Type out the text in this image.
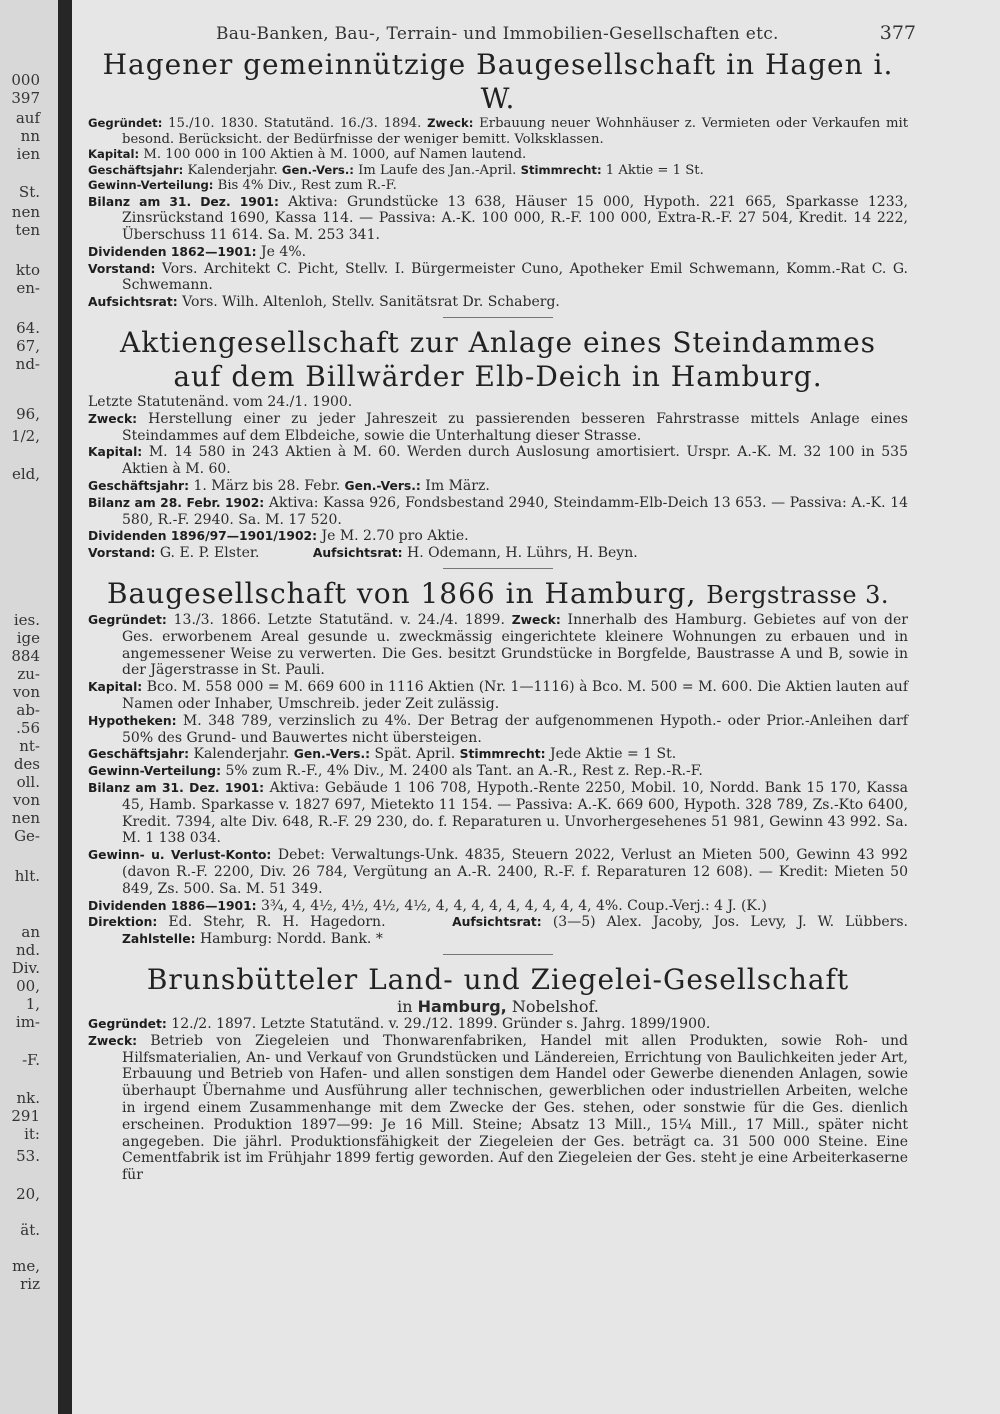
000
397
auf
nn
ien
St.
nen
ten
kto
en-
64.
67,
nd-
96,
1/2,
eld,
ies.
ige
884
zu-
von
ab-
.56
nt-
des
oll.
von
nen
Ge-
hlt.
an
nd.
Div.
00,
1,
im-
-F.
nk.
291
it:
53.
20,
ät.
me,
riz
Bau-Banken, Bau-, Terrain- und Immobilien-Gesellschaften etc.	377
Hagener gemeinnützige Baugesellschaft in Hagen i. W.

Gegründet: 15./10. 1830. Statutänd. 16./3. 1894. Zweck: Erbauung neuer Wohnhäuser z. Vermieten oder Verkaufen mit besond. Berücksicht. der Bedürfnisse der weniger bemitt. Volksklassen.

Kapital: M. 100 000 in 100 Aktien à M. 1000, auf Namen lautend.

Geschäftsjahr: Kalenderjahr. Gen.-Vers.: Im Laufe des Jan.-April. Stimmrecht: 1 Aktie = 1 St.

Gewinn-Verteilung: Bis 4% Div., Rest zum R.-F.

Bilanz am 31. Dez. 1901: Aktiva: Grundstücke 13 638, Häuser 15 000, Hypoth. 221 665, Sparkasse 1233, Zinsrückstand 1690, Kassa 114. — Passiva: A.-K. 100 000, R.-F. 100 000, Extra-R.-F. 27 504, Kredit. 14 222, Überschuss 11 614. Sa. M. 253 341.

Dividenden 1862—1901: Je 4%.

Vorstand: Vors. Architekt C. Picht, Stellv. I. Bürgermeister Cuno, Apotheker Emil Schwemann, Komm.-Rat C. G. Schwemann.

Aufsichtsrat: Vors. Wilh. Altenloh, Stellv. Sanitätsrat Dr. Schaberg.

Aktiengesellschaft zur Anlage eines Steindammes auf dem Billwärder Elb-Deich in Hamburg.

Letzte Statutenänd. vom 24./1. 1900.

Zweck: Herstellung einer zu jeder Jahreszeit zu passierenden besseren Fahrstrasse mittels Anlage eines Steindammes auf dem Elbdeiche, sowie die Unterhaltung dieser Strasse.

Kapital: M. 14 580 in 243 Aktien à M. 60. Werden durch Auslosung amortisiert. Urspr. A.-K. M. 32 100 in 535 Aktien à M. 60.

Geschäftsjahr: 1. März bis 28. Febr. Gen.-Vers.: Im März.

Bilanz am 28. Febr. 1902: Aktiva: Kassa 926, Fondsbestand 2940, Steindamm-Elb-Deich 13 653. — Passiva: A.-K. 14 580, R.-F. 2940. Sa. M. 17 520.

Dividenden 1896/97—1901/1902: Je M. 2.70 pro Aktie.

Vorstand: G. E. P. Elster.            Aufsichtsrat: H. Odemann, H. Lührs, H. Beyn.

Baugesellschaft von 1866 in Hamburg, Bergstrasse 3.

Gegründet: 13./3. 1866. Letzte Statutänd. v. 24./4. 1899. Zweck: Innerhalb des Hamburg. Gebietes auf von der Ges. erworbenem Areal gesunde u. zweckmässig eingerichtete kleinere Wohnungen zu erbauen und in angemessener Weise zu verwerten. Die Ges. besitzt Grundstücke in Borgfelde, Baustrasse A und B, sowie in der Jägerstrasse in St. Pauli.

Kapital: Bco. M. 558 000 = M. 669 600 in 1116 Aktien (Nr. 1—1116) à Bco. M. 500 = M. 600. Die Aktien lauten auf Namen oder Inhaber, Umschreib. jeder Zeit zulässig.

Hypotheken: M. 348 789, verzinslich zu 4%. Der Betrag der aufgenommenen Hypoth.- oder Prior.-Anleihen darf 50% des Grund- und Bauwertes nicht übersteigen.

Geschäftsjahr: Kalenderjahr. Gen.-Vers.: Spät. April. Stimmrecht: Jede Aktie = 1 St.

Gewinn-Verteilung: 5% zum R.-F., 4% Div., M. 2400 als Tant. an A.-R., Rest z. Rep.-R.-F.

Bilanz am 31. Dez. 1901: Aktiva: Gebäude 1 106 708, Hypoth.-Rente 2250, Mobil. 10, Nordd. Bank 15 170, Kassa 45, Hamb. Sparkasse v. 1827 697, Mietekto 11 154. — Passiva: A.-K. 669 600, Hypoth. 328 789, Zs.-Kto 6400, Kredit. 7394, alte Div. 648, R.-F. 29 230, do. f. Reparaturen u. Unvorhergesehenes 51 981, Gewinn 43 992. Sa. M. 1 138 034.

Gewinn- u. Verlust-Konto: Debet: Verwaltungs-Unk. 4835, Steuern 2022, Verlust an Mieten 500, Gewinn 43 992 (davon R.-F. 2200, Div. 26 784, Vergütung an A.-R. 2400, R.-F. f. Reparaturen 12 608). — Kredit: Mieten 50 849, Zs. 500. Sa. M. 51 349.

Dividenden 1886—1901: 3¾, 4, 4½, 4½, 4½, 4½, 4, 4, 4, 4, 4, 4, 4, 4, 4, 4%. Coup.-Verj.: 4 J. (K.)

Direktion: Ed. Stehr, R. H. Hagedorn.      Aufsichtsrat: (3—5) Alex. Jacoby, Jos. Levy, J. W. Lübbers.                Zahlstelle: Hamburg: Nordd. Bank. *

Brunsbütteler Land- und Ziegelei-Gesellschaft
in Hamburg, Nobelshof.

Gegründet: 12./2. 1897. Letzte Statutänd. v. 29./12. 1899. Gründer s. Jahrg. 1899/1900.

Zweck: Betrieb von Ziegeleien und Thonwarenfabriken, Handel mit allen Produkten, sowie Roh- und Hilfsmaterialien, An- und Verkauf von Grundstücken und Ländereien, Errichtung von Baulichkeiten jeder Art, Erbauung und Betrieb von Hafen- und allen sonstigen dem Handel oder Gewerbe dienenden Anlagen, sowie überhaupt Übernahme und Ausführung aller technischen, gewerblichen oder industriellen Arbeiten, welche in irgend einem Zusammenhange mit dem Zwecke der Ges. stehen, oder sonstwie für die Ges. dienlich erscheinen. Produktion 1897—99: Je 16 Mill. Steine; Absatz 13 Mill., 15¼ Mill., 17 Mill., später nicht angegeben. Die jährl. Produktionsfähigkeit der Ziegeleien der Ges. beträgt ca. 31 500 000 Steine. Eine Cementfabrik ist im Frühjahr 1899 fertig geworden. Auf den Ziegeleien der Ges. steht je eine Arbeiterkaserne für
